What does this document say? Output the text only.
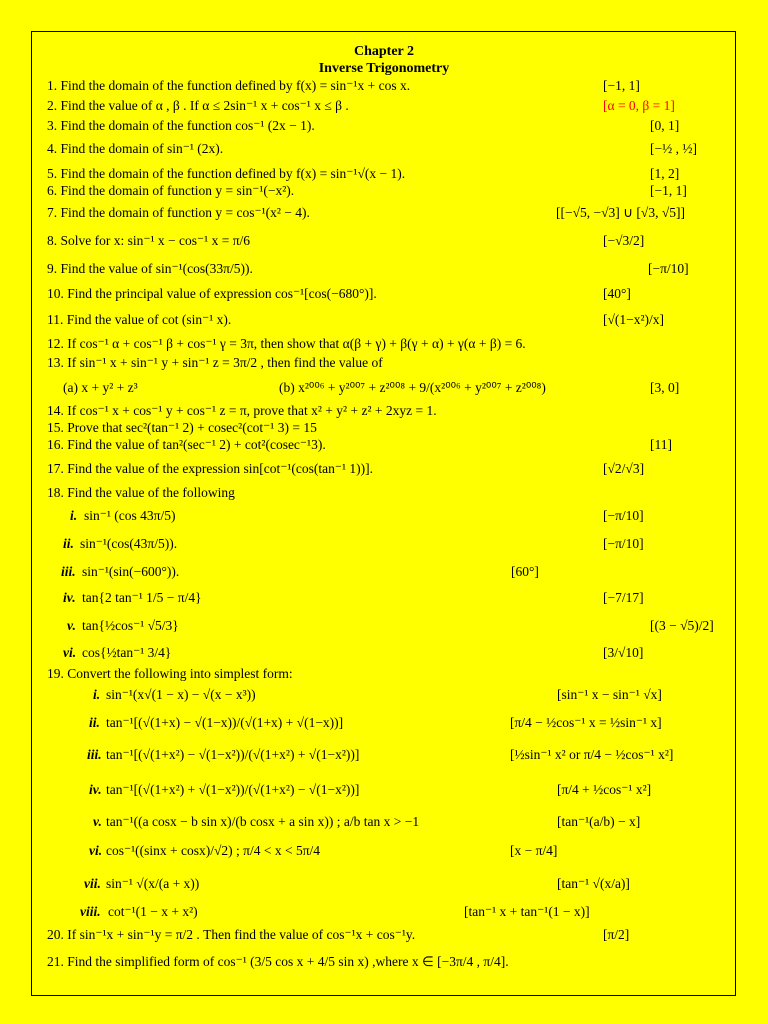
Chapter 2
Inverse Trigonometry
1. Find the domain of the function defined by f(x) = sin⁻¹x + cos x.	[−1, 1]
2. Find the value of α , β . If α ≤ 2sin⁻¹ x + cos⁻¹ x ≤ β .	[α = 0, β = 1]
3. Find the domain of the function cos⁻¹ (2x − 1).	[0, 1]
4. Find the domain of sin⁻¹ (2x).	[−½ , ½]
5. Find the domain of the function defined by f(x) = sin⁻¹√(x − 1).	[1, 2]
6. Find the domain of function y = sin⁻¹(−x²).	[−1, 1]
7. Find the domain of function y = cos⁻¹(x² − 4).	[[−√5, −√3] ∪ [√3, √5]]
8. Solve for x: sin⁻¹ x − cos⁻¹ x = π/6	[−√3/2]
9. Find the value of sin⁻¹(cos(33π/5)).	[−π/10]
10. Find the principal value of expression cos⁻¹[cos(−680°)].	[40°]
11. Find the value of cot (sin⁻¹ x).	[√(1−x²)/x]
12. If cos⁻¹ α + cos⁻¹ β + cos⁻¹ γ = 3π, then show that α(β + γ) + β(γ + α) + γ(α + β) = 6.
13. If sin⁻¹ x + sin⁻¹ y + sin⁻¹ z = 3π/2 , then find the value of
(a) x + y² + z³	(b) x²⁰⁰⁶ + y²⁰⁰⁷ + z²⁰⁰⁸ + 9/(x²⁰⁰⁶ + y²⁰⁰⁷ + z²⁰⁰⁸)	[3, 0]
14. If cos⁻¹ x + cos⁻¹ y + cos⁻¹ z = π, prove that x² + y² + z² + 2xyz = 1.
15. Prove that sec²(tan⁻¹ 2) + cosec²(cot⁻¹ 3) = 15
16. Find the value of tan²(sec⁻¹ 2) + cot²(cosec⁻¹3).	[11]
17. Find the value of the expression sin[cot⁻¹(cos(tan⁻¹ 1))].	[√2/√3]
18. Find the value of the following
i. sin⁻¹ (cos 43π/5)	[−π/10]
ii. sin⁻¹(cos(43π/5)).	[−π/10]
iii. sin⁻¹(sin(−600°)).	[60°]
iv. tan{2 tan⁻¹ 1/5 − π/4}	[−7/17]
v. tan{½cos⁻¹ √5/3}	[(3 − √5)/2]
vi. cos{½tan⁻¹ 3/4}	[3/√10]
19. Convert the following into simplest form:
i. sin⁻¹(x√(1 − x) − √(x − x³))	[sin⁻¹ x − sin⁻¹ √x]
ii. tan⁻¹[(√(1+x) − √(1−x))/(√(1+x) + √(1−x))]	[π/4 − ½cos⁻¹ x = ½sin⁻¹ x]
iii. tan⁻¹[(√(1+x²) − √(1−x²))/(√(1+x²) + √(1−x²))]	[½sin⁻¹ x² or π/4 − ½cos⁻¹ x²]
iv. tan⁻¹[(√(1+x²) + √(1−x²))/(√(1+x²) − √(1−x²))]	[π/4 + ½cos⁻¹ x²]
v. tan⁻¹((a cosx − b sin x)/(b cosx + a sin x)) ; a/b tan x > −1	[tan⁻¹(a/b) − x]
vi. cos⁻¹((sinx + cosx)/√2) ; π/4 < x < 5π/4	[x − π/4]
vii. sin⁻¹ √(x/(a + x))	[tan⁻¹ √(x/a)]
viii. cot⁻¹(1 − x + x²)	[tan⁻¹ x + tan⁻¹(1 − x)]
20. If sin⁻¹x + sin⁻¹y = π/2 . Then find the value of cos⁻¹x + cos⁻¹y.	[π/2]
21. Find the simplified form of cos⁻¹ (3/5 cos x + 4/5 sin x) ,where x ∈ [−3π/4 , π/4].
